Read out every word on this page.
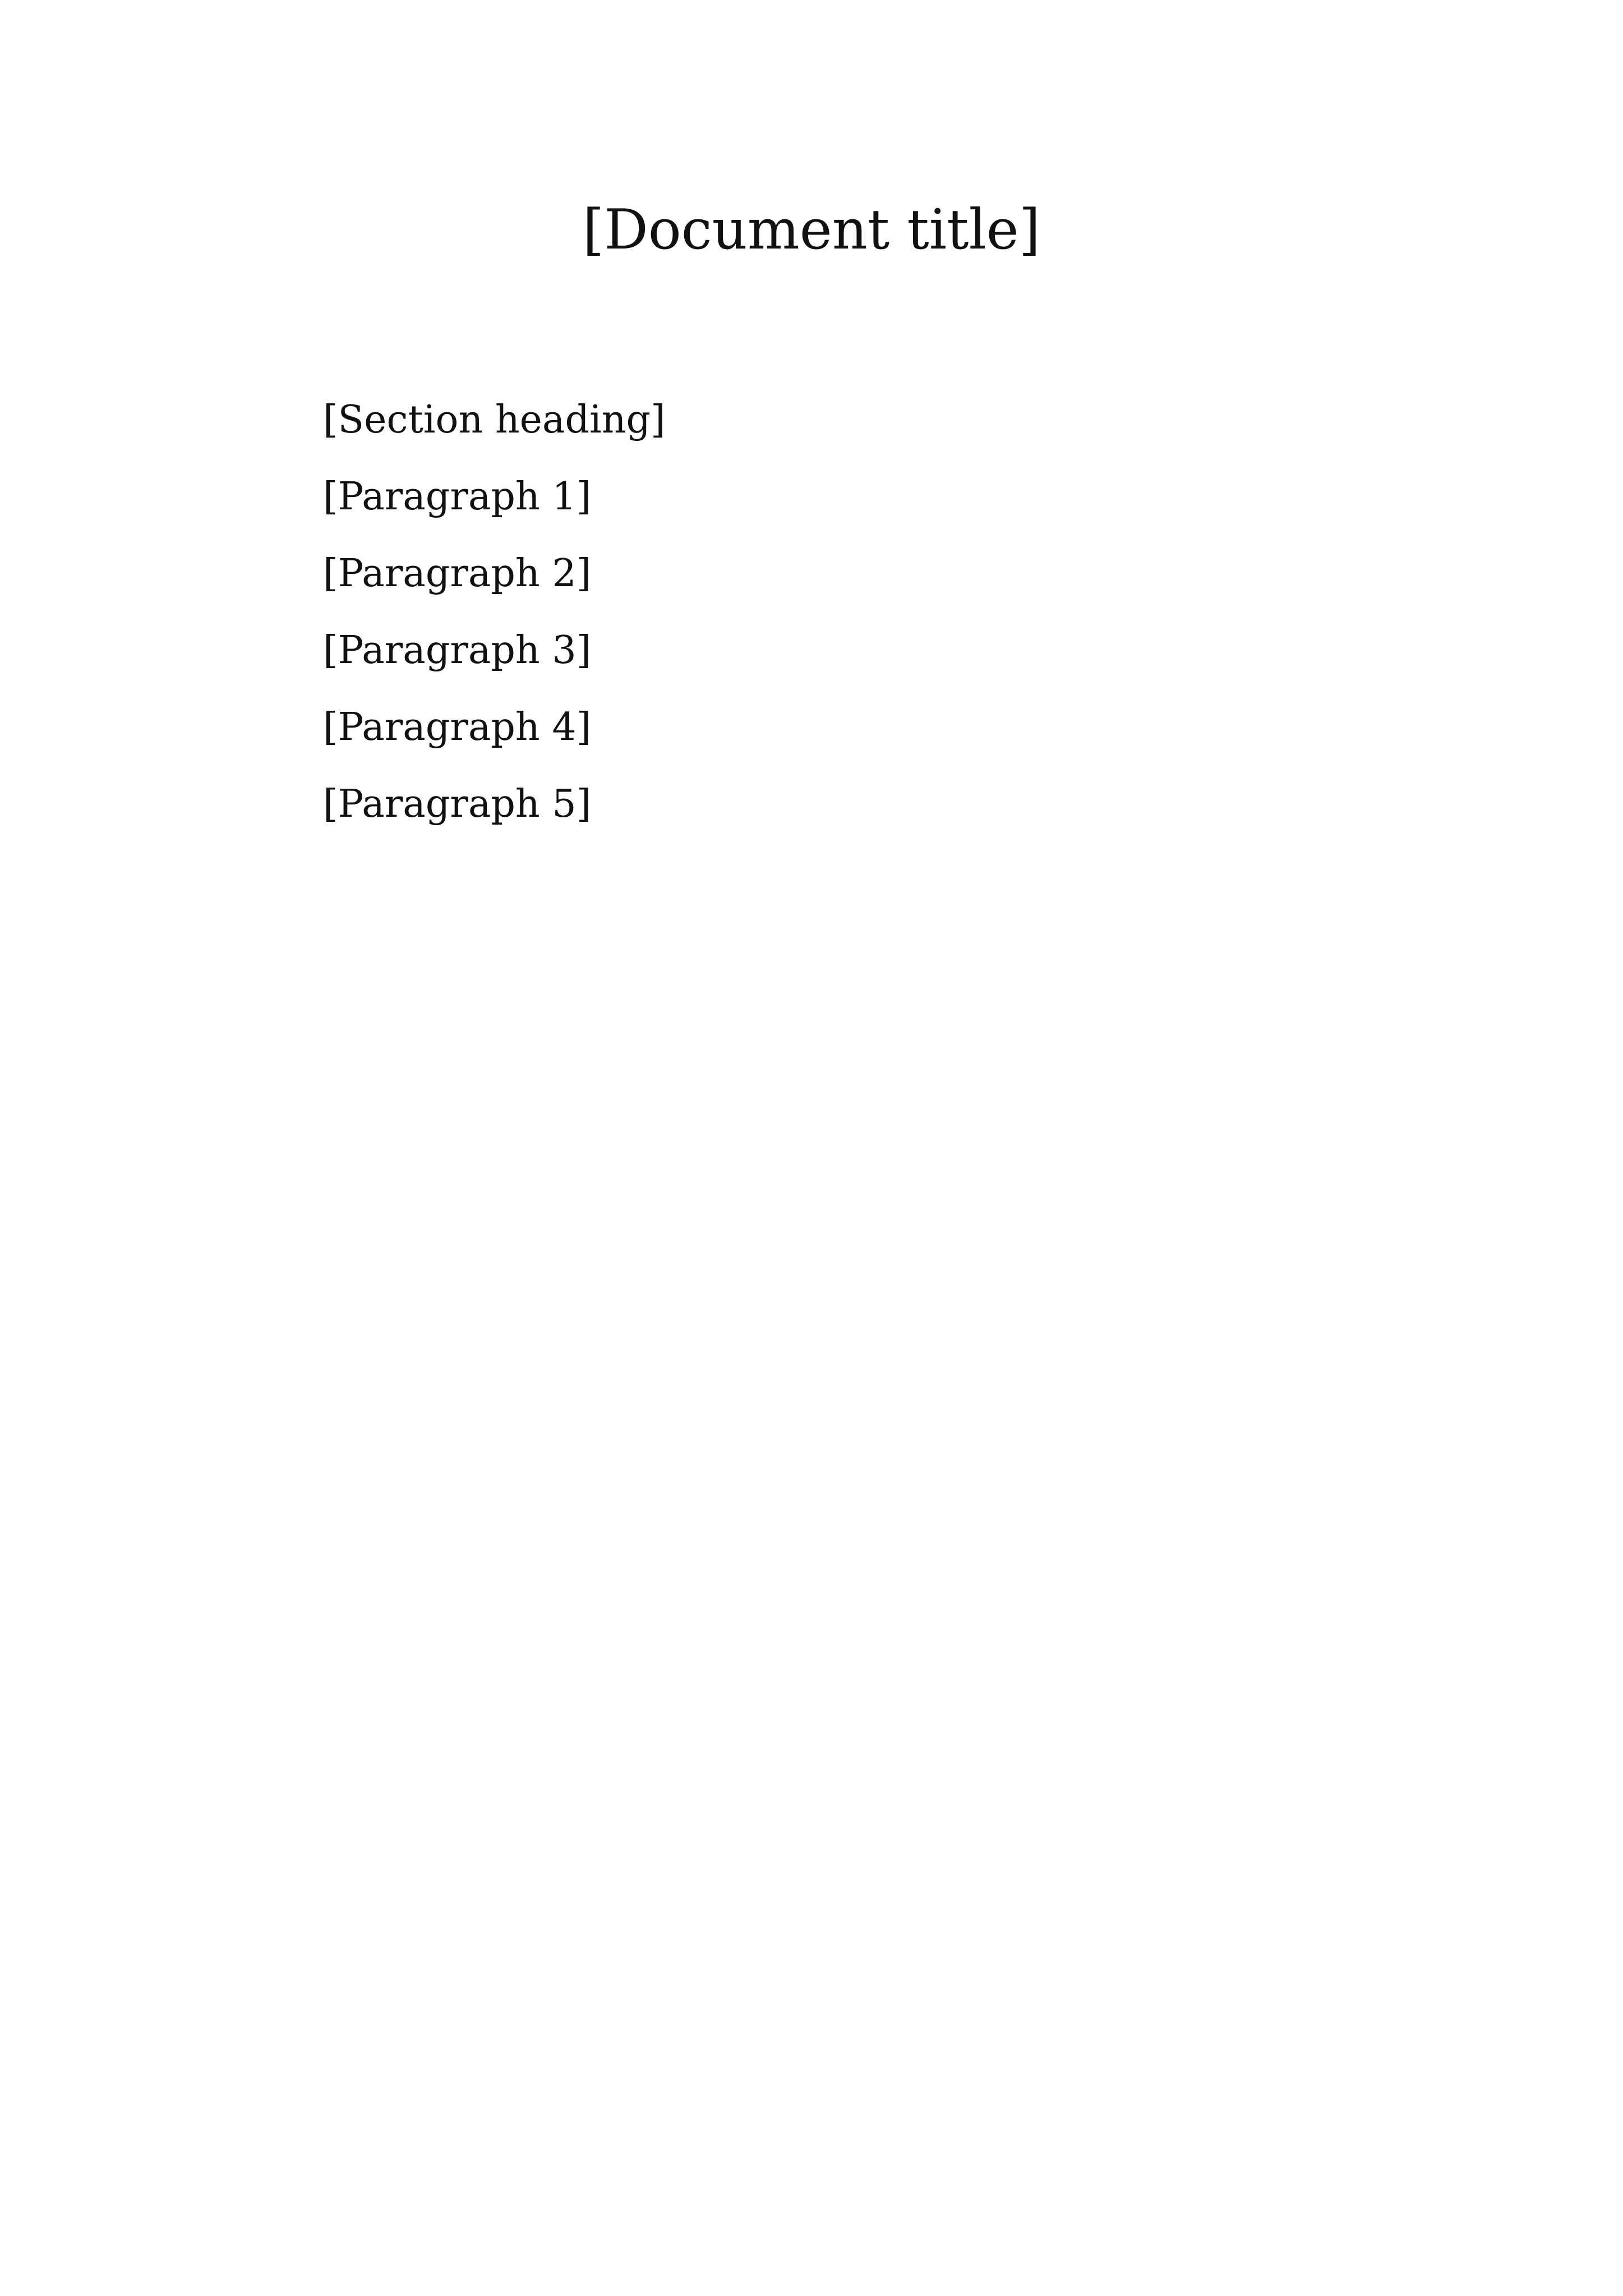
[Document title]

[Section heading]

[Paragraph 1]

[Paragraph 2]

[Paragraph 3]

[Paragraph 4]

[Paragraph 5]
